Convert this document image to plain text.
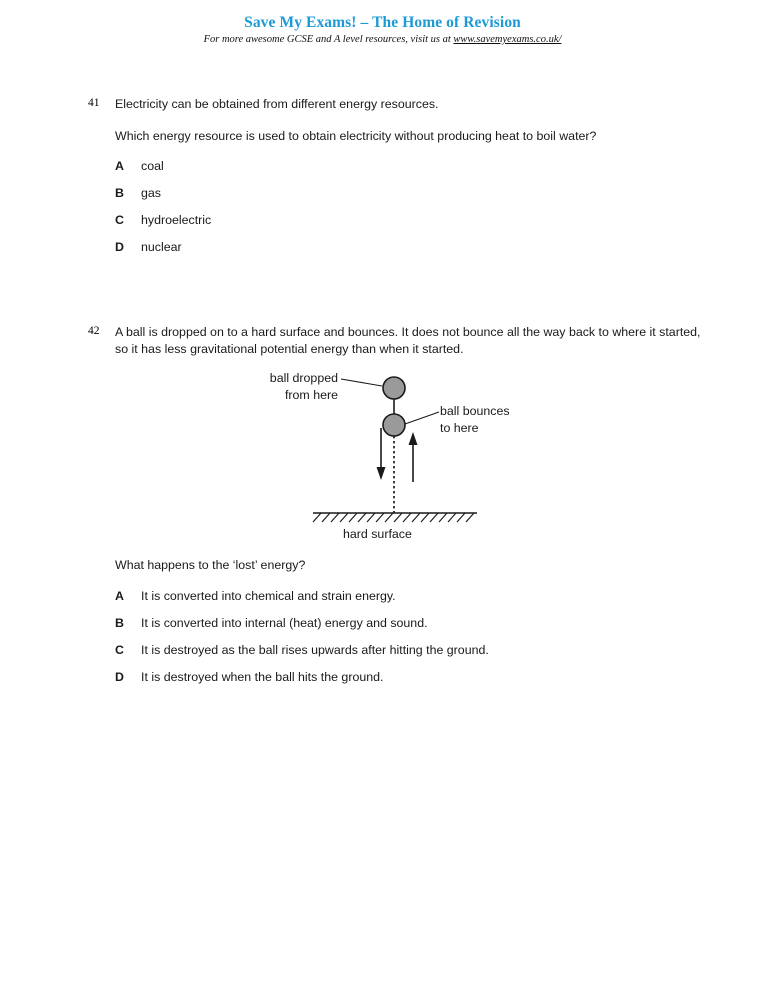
Save My Exams! – The Home of Revision
For more awesome GCSE and A level resources, visit us at www.savemyexams.co.uk/
41	Electricity can be obtained from different energy resources.
Which energy resource is used to obtain electricity without producing heat to boil water?
A coal
B gas
C hydroelectric
D nuclear
42	A ball is dropped on to a hard surface and bounces. It does not bounce all the way back to where it started, so it has less gravitational potential energy than when it started.
ball dropped
from here
ball bounces
to here
hard surface
What happens to the ‘lost’ energy?
A It is converted into chemical and strain energy.
B It is converted into internal (heat) energy and sound.
C It is destroyed as the ball rises upwards after hitting the ground.
D It is destroyed when the ball hits the ground.
